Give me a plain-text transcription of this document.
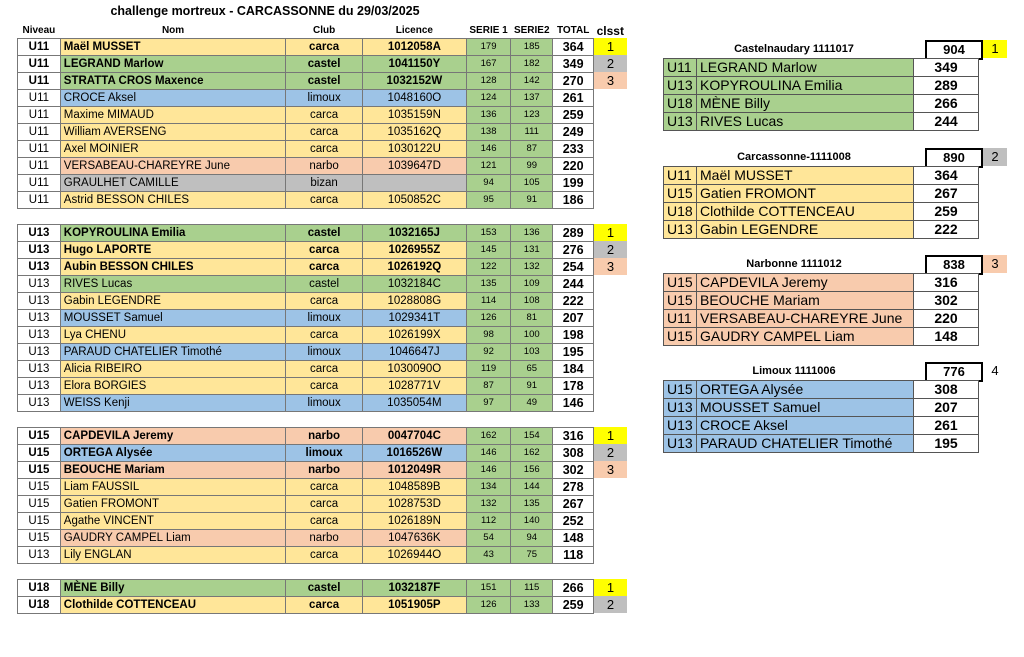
challenge mortreux - CARCASSONNE du 29/03/2025
Niveau	Nom	Club	Licence	SERIE 1	SERIE2	TOTAL	clsst
U11	Maël MUSSET	carca	1012058A	179	185	364	1
U11	LEGRAND Marlow	castel	1041150Y	167	182	349	2
U11	STRATTA CROS Maxence	castel	1032152W	128	142	270	3
U11	CROCE Aksel	limoux	1048160O	124	137	261	
U11	Maxime MIMAUD	carca	1035159N	136	123	259	
U11	William AVERSENG	carca	1035162Q	138	111	249	
U11	Axel MOINIER	carca	1030122U	146	87	233	
U11	VERSABEAU-CHAREYRE June	narbo	1039647D	121	99	220	
U11	GRAULHET CAMILLE	bizan		94	105	199	
U11	Astrid BESSON CHILES	carca	1050852C	95	91	186	

U13	KOPYROULINA Emilia	castel	1032165J	153	136	289	1
U13	Hugo LAPORTE	carca	1026955Z	145	131	276	2
U13	Aubin BESSON CHILES	carca	1026192Q	122	132	254	3
U13	RIVES Lucas	castel	1032184C	135	109	244	
U13	Gabin LEGENDRE	carca	1028808G	114	108	222	
U13	MOUSSET Samuel	limoux	1029341T	126	81	207	
U13	Lya CHENU	carca	1026199X	98	100	198	
U13	PARAUD CHATELIER Timothé	limoux	1046647J	92	103	195	
U13	Alicia RIBEIRO	carca	1030090O	119	65	184	
U13	Elora BORGIES	carca	1028771V	87	91	178	
U13	WEISS Kenji	limoux	1035054M	97	49	146	

U15	CAPDEVILA Jeremy	narbo	0047704C	162	154	316	1
U15	ORTEGA Alysée	limoux	1016526W	146	162	308	2
U15	BEOUCHE Mariam	narbo	1012049R	146	156	302	3
U15	Liam FAUSSIL	carca	1048589B	134	144	278	
U15	Gatien FROMONT	carca	1028753D	132	135	267	
U15	Agathe VINCENT	carca	1026189N	112	140	252	
U15	GAUDRY CAMPEL Liam	narbo	1047636K	54	94	148	
U13	Lily ENGLAN	carca	1026944O	43	75	118	

U18	MÈNE Billy	castel	1032187F	151	115	266	1
U18	Clothilde COTTENCEAU	carca	1051905P	126	133	259	2
Castelnaudary 1111017	904	1
U11	LEGRAND Marlow	349
U13	KOPYROULINA Emilia	289
U18	MÈNE Billy	266
U13	RIVES Lucas	244
Carcassonne-1111008	890	2
U11	Maël MUSSET	364
U15	Gatien FROMONT	267
U18	Clothilde COTTENCEAU	259
U13	Gabin LEGENDRE	222
Narbonne 1111012	838	3
U15	CAPDEVILA Jeremy	316
U15	BEOUCHE Mariam	302
U11	VERSABEAU-CHAREYRE June	220
U15	GAUDRY CAMPEL Liam	148
Limoux 1111006	776	4
U15	ORTEGA Alysée	308
U13	MOUSSET Samuel	207
U13	CROCE Aksel	261
U13	PARAUD CHATELIER Timothé	195
